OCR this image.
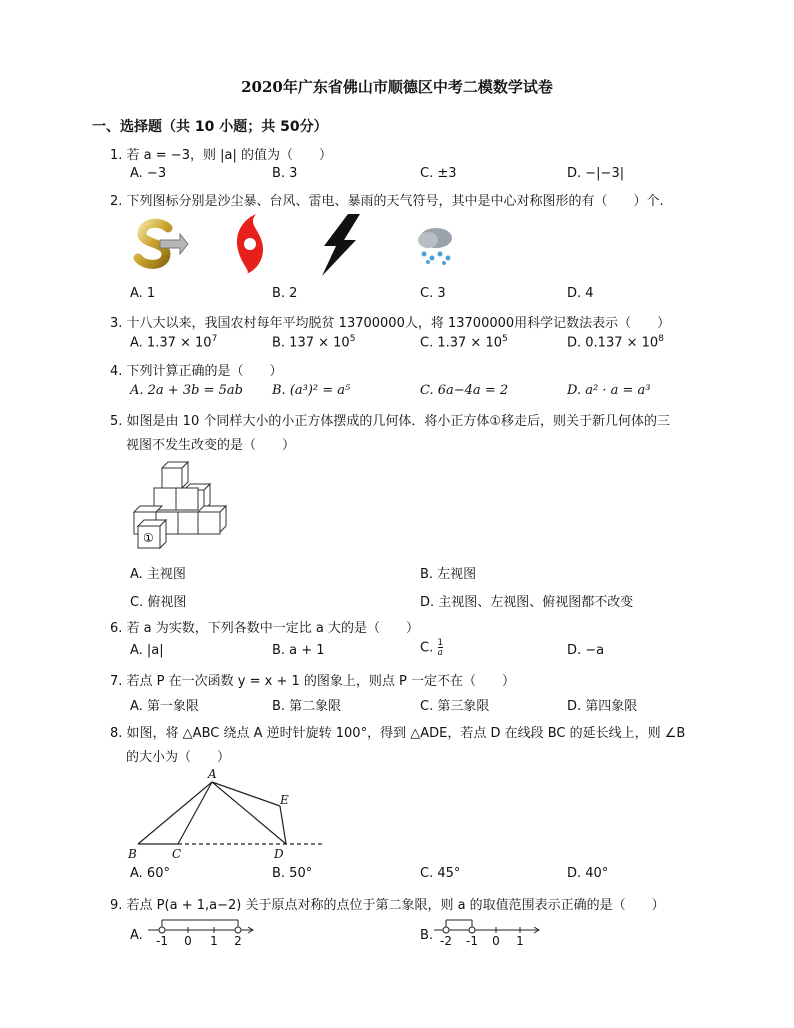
2020年广东省佛山市顺德区中考二模数学试卷
一、选择题（共 10 小题；共 50分）
1. 若 a = −3，则 |a| 的值为（　　）
A. −3	B. 3	C. ±3	D. −|−3|
2. 下列图标分别是沙尘暴、台风、雷电、暴雨的天气符号，其中是中心对称图形的有（　　）个.
A. 1	B. 2	C. 3	D. 4
3. 十八大以来，我国农村每年平均脱贫 13700000人，将 13700000用科学记数法表示（　　）
A. $1.37 \times 10^7$	B. $137 \times 10^5$	C. $1.37 \times 10^5$	D. $0.137 \times 10^8$
4. 下列计算正确的是（　　）
A. 2a + 3b = 5ab B. (a³)² = a⁵	C. 6a−4a = 2	D. a² · a = a³
5. 如图是由 10 个同样大小的小正方体摆成的几何体．将小正方体①移走后，则关于新几何体的三
视图不发生改变的是（　　）
①
A. 主视图	B. 左视图
C. 俯视图	D. 主视图、左视图、俯视图都不改变
6. 若 a 为实数，下列各数中一定比 a 大的是（　　）
A. |a|	B. a + 1	C. $\frac{1}{a}$	D. −a
7. 若点 P 在一次函数 y = x + 1 的图象上，则点 P 一定不在（　　）
A. 第一象限	B. 第二象限	C. 第三象限	D. 第四象限
8. 如图，将 △ABC 绕点 A 逆时针旋转 100°，得到 △ADE，若点 D 在线段 BC 的延长线上，则 ∠B
的大小为（　　）
A
B	C	D
E
A. 60°	B. 50°	C. 45°	D. 40°
9. 若点 P(a + 1,a−2) 关于原点对称的点位于第二象限，则 a 的取值范围表示正确的是（　　）
A. -1 0 1 2	B. -2 -1 0 1
